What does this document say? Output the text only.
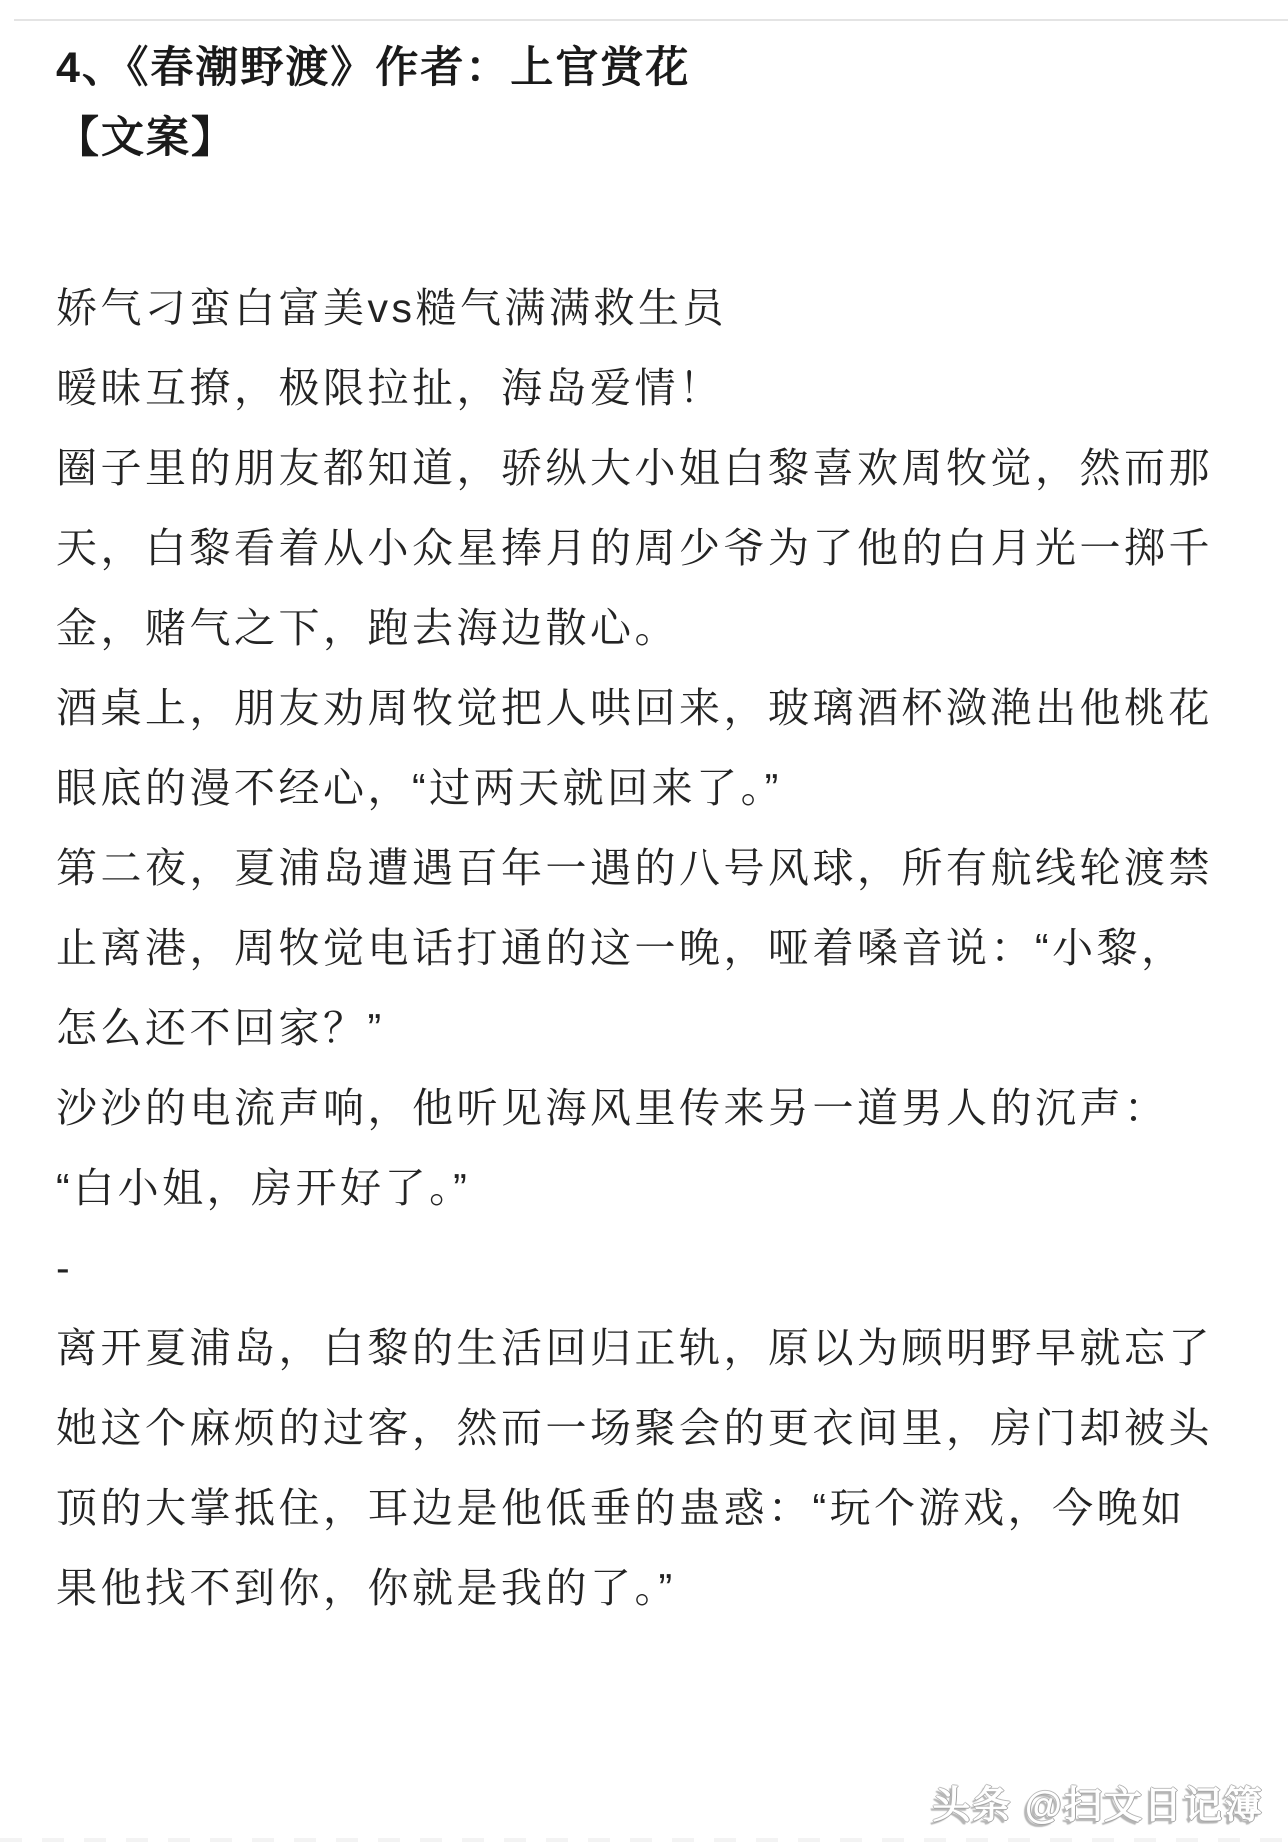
4、《春潮野渡》作者：上官赏花
【文案】

娇气刁蛮白富美vs糙气满满救生员

暧昧互撩，极限拉扯，海岛爱情！

圈子里的朋友都知道，骄纵大小姐白黎喜欢周牧觉，然而那

天，白黎看着从小众星捧月的周少爷为了他的白月光一掷千

金，赌气之下，跑去海边散心。

酒桌上，朋友劝周牧觉把人哄回来，玻璃酒杯潋滟出他桃花

眼底的漫不经心，“过两天就回来了。”

第二夜，夏浦岛遭遇百年一遇的八号风球，所有航线轮渡禁

止离港，周牧觉电话打通的这一晚，哑着嗓音说：“小黎，

怎么还不回家？”

沙沙的电流声响，他听见海风里传来另一道男人的沉声：

“白小姐，房开好了。”

-

离开夏浦岛，白黎的生活回归正轨，原以为顾明野早就忘了

她这个麻烦的过客，然而一场聚会的更衣间里，房门却被头

顶的大掌抵住，耳边是他低垂的蛊惑：“玩个游戏，今晚如

果他找不到你，你就是我的了。”

头条 @扫文日记簿
